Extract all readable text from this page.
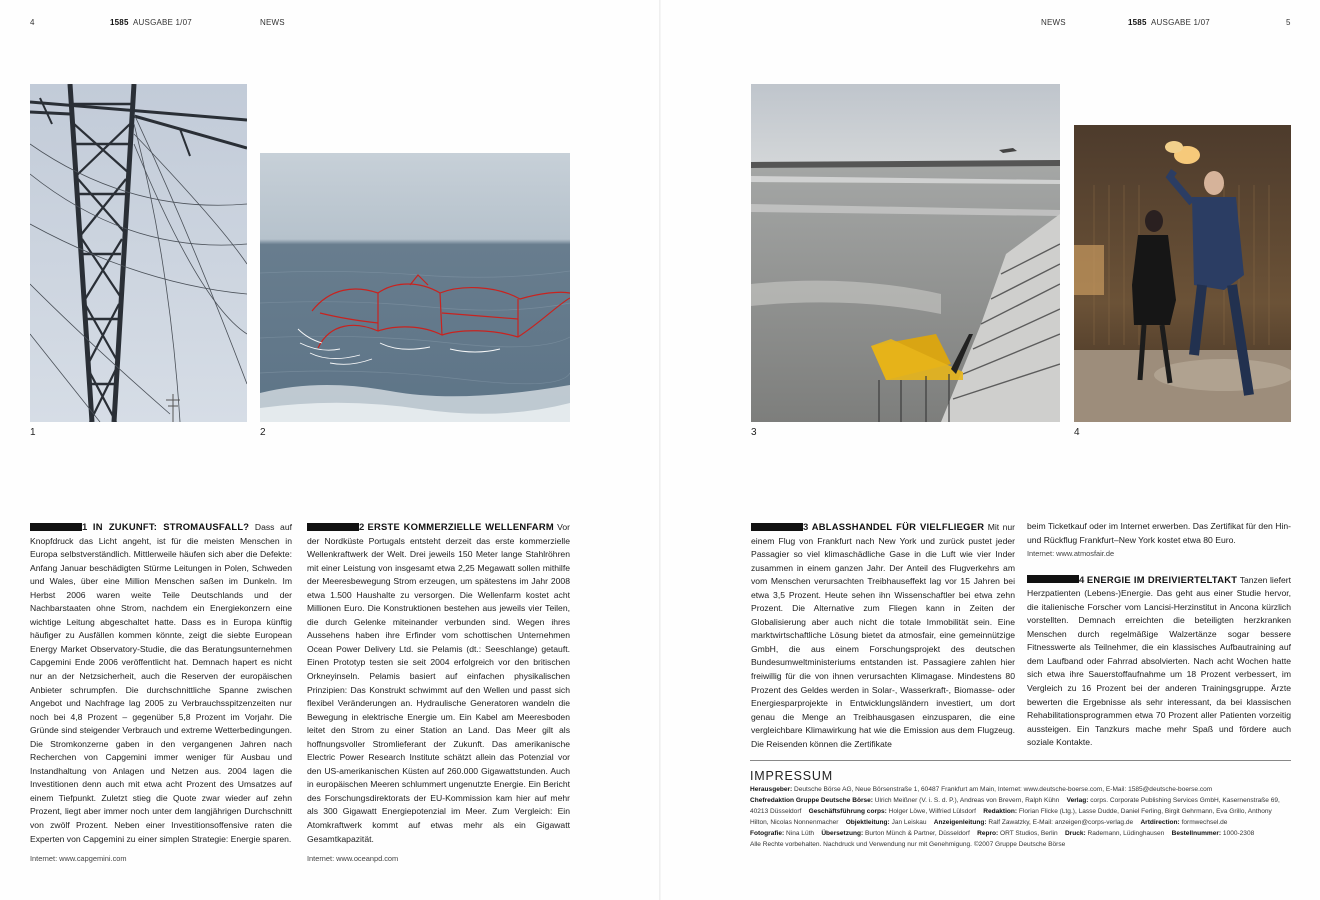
4	1585 AUSGABE 1/07	NEWS	NEWS	1585 AUSGABE 1/07	5
1	2	3	4

1 IN ZUKUNFT: STROMAUSFALL? Dass auf Knopfdruck das Licht angeht, ist für die meisten Menschen in Europa selbstverständlich. Mittlerweile häufen sich aber die Defekte: Anfang Januar beschädigten Stürme Leitungen in Polen, Schweden und Wales, über eine Million Menschen saßen im Dunkeln. Im Herbst 2006 waren weite Teile Deutschlands und der Nachbarstaaten ohne Strom, nachdem ein Energiekonzern eine wichtige Leitung abgeschaltet hatte. Dass es in Europa künftig häufiger zu Ausfällen kommen könnte, zeigt die siebte European Energy Market Observatory-Studie, die das Beratungsunternehmen Capgemini Ende 2006 veröffentlicht hat. Demnach hapert es nicht nur an der Netzsicherheit, auch die Reserven der europäischen Anbieter schrumpfen. Die durchschnittliche Spanne zwischen Angebot und Nachfrage lag 2005 zu Verbrauchsspitzenzeiten nur noch bei 4,8 Prozent – gegenüber 5,8 Prozent im Vorjahr. Die Gründe sind steigender Verbrauch und extreme Wetterbedingungen. Die Stromkonzerne gaben in den vergangenen Jahren nach Recherchen von Capgemini immer weniger für Ausbau und Instandhaltung von Anlagen und Netzen aus. 2004 lagen die Investitionen denn auch mit etwa acht Prozent des Umsatzes auf einem Tiefpunkt. Zuletzt stieg die Quote zwar wieder auf zehn Prozent, liegt aber immer noch unter dem langjährigen Durchschnitt von zwölf Prozent. Neben einer Investitionsoffensive raten die Experten von Capgemini zu einer simplen Strategie: Energie sparen.

Internet: www.capgemini.com

2 ERSTE KOMMERZIELLE WELLENFARM Vor der Nordküste Portugals entsteht derzeit das erste kommerzielle Wellenkraftwerk der Welt. Drei jeweils 150 Meter lange Stahlröhren mit einer Leistung von insgesamt etwa 2,25 Megawatt sollen mithilfe der Meeresbewegung Strom erzeugen, um spätestens im Jahr 2008 etwa 1.500 Haushalte zu versorgen. Die Wellenfarm kostet acht Millionen Euro. Die Konstruktionen bestehen aus jeweils vier Teilen, die durch Gelenke miteinander verbunden sind. Wegen ihres Aussehens haben ihre Erfinder vom schottischen Unternehmen Ocean Power Delivery Ltd. sie Pelamis (dt.: Seeschlange) getauft. Einen Prototyp testen sie seit 2004 erfolgreich vor den britischen Orkneyinseln. Pelamis basiert auf einfachen physikalischen Prinzipien: Das Konstrukt schwimmt auf den Wellen und passt sich flexibel Veränderungen an. Hydraulische Generatoren wandeln die Bewegung in elektrische Energie um. Ein Kabel am Meeresboden leitet den Strom zu einer Station an Land. Das Meer gilt als hoffnungsvoller Stromlieferant der Zukunft. Das amerikanische Electric Power Research Institute schätzt allein das Potenzial vor den US-amerikanischen Küsten auf 260.000 Gigawattstunden. Auch in europäischen Meeren schlummert ungenutzte Energie. Ein Bericht des Forschungsdirektorats der EU-Kommission kam hier auf mehr als 300 Gigawatt Energiepotenzial im Meer. Zum Vergleich: Ein Atomkraftwerk kommt auf etwas mehr als ein Gigawatt Gesamtkapazität.

Internet: www.oceanpd.com

3 ABLASSHANDEL FÜR VIELFLIEGER Mit nur einem Flug von Frankfurt nach New York und zurück pustet jeder Passagier so viel klimaschädliche Gase in die Luft wie vier Inder zusammen in einem ganzen Jahr. Der Anteil des Flugverkehrs am vom Menschen verursachten Treibhauseffekt lag vor 15 Jahren bei etwa 3,5 Prozent. Heute sehen ihn Wissenschaftler bei etwa zehn Prozent. Die Alternative zum Fliegen kann in Zeiten der Globalisierung aber auch nicht die totale Immobilität sein. Eine marktwirtschaftliche Lösung bietet da atmosfair, eine gemeinnützige GmbH, die aus einem Forschungsprojekt des deutschen Bundesumweltministeriums entstanden ist. Passagiere zahlen hier freiwillig für die von ihnen verursachten Klimagase. Mindestens 80 Prozent des Geldes werden in Solar-, Wasserkraft-, Biomasse- oder Energiesparprojekte in Entwicklungsländern investiert, um dort genau die Menge an Treibhausgasen einzusparen, die eine vergleichbare Klimawirkung hat wie die Emission aus dem Flugzeug. Die Reisenden können die Zertifikate

beim Ticketkauf oder im Internet erwerben. Das Zertifikat für den Hin- und Rückflug Frankfurt–New York kostet etwa 80 Euro.

Internet: www.atmosfair.de

4 ENERGIE IM DREIVIERTELTAKT Tanzen liefert Herzpatienten (Lebens-)Energie. Das geht aus einer Studie hervor, die italienische Forscher vom Lancisi-Herzinstitut in Ancona kürzlich vorstellten. Demnach erreichten die beteiligten herzkranken Menschen durch regelmäßige Walzertänze sogar bessere Fitnesswerte als Teilnehmer, die ein klassisches Aufbautraining auf dem Laufband oder Fahrrad absolvierten. Nach acht Wochen hatte sich etwa ihre Sauerstoffaufnahme um 18 Prozent verbessert, im Vergleich zu 16 Prozent bei der anderen Trainingsgruppe. Ärzte bewerten die Ergebnisse als sehr interessant, da bei klassischen Rehabilitationsprogrammen etwa 70 Prozent aller Patienten vorzeitig aussteigen. Ein Tanzkurs mache mehr Spaß und fördere auch soziale Kontakte.

IMPRESSUM
Herausgeber: Deutsche Börse AG, Neue Börsenstraße 1, 60487 Frankfurt am Main, Internet: www.deutsche-boerse.com, E-Mail: 1585@deutsche-boerse.com
Chefredaktion Gruppe Deutsche Börse: Ulrich Meißner (V. i. S. d. P.), Andreas von Brevern, Ralph Kühn Verlag: corps. Corporate Publishing Services GmbH, Kasernenstraße 69, 40213 Düsseldorf Geschäftsführung corps: Holger Löwe, Wilfried Lülsdorf Redaktion: Florian Flicke (Ltg.), Lasse Dudde, Daniel Ferling, Birgit Gehrmann, Eva Grillo, Anthony Hilton, Nicolas Nonnenmacher Objektleitung: Jan Leiskau Anzeigenleitung: Ralf Zawatzky, E-Mail: anzeigen@corps-verlag.de Artdirection: formwechsel.de
Fotografie: Nina Lüth Übersetzung: Burton Münch & Partner, Düsseldorf Repro: ORT Studios, Berlin Druck: Rademann, Lüdinghausen Bestellnummer: 1000-2308
Alle Rechte vorbehalten. Nachdruck und Verwendung nur mit Genehmigung. ©2007 Gruppe Deutsche Börse
